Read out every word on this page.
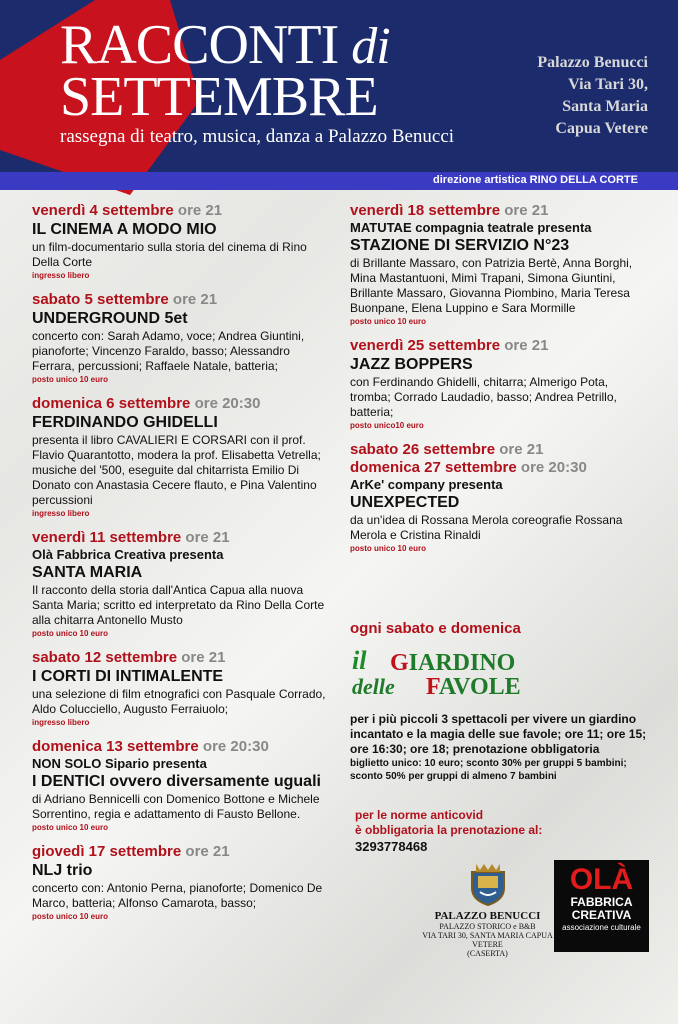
RACCONTI di
SETTEMBRE
rassegna di teatro, musica, danza a Palazzo Benucci
Palazzo Benucci
Via Tari 30,
Santa Maria
Capua Vetere
direzione artistica RINO DELLA CORTE
venerdì 4 settembre ore 21
IL CINEMA A MODO MIO
un film-documentario sulla storia del cinema di Rino Della Corte
ingresso libero
sabato 5 settembre ore 21
UNDERGROUND 5et
concerto con: Sarah Adamo, voce; Andrea Giuntini, pianoforte; Vincenzo Faraldo, basso; Alessandro Ferrara, percussioni; Raffaele Natale, batteria;
posto unico 10 euro
domenica 6 settembre ore 20:30
FERDINANDO GHIDELLI
presenta il libro CAVALIERI E CORSARI con il prof. Flavio Quarantotto, modera la prof. Elisabetta Vetrella; musiche del '500, eseguite dal chitarrista Emilio Di Donato con Anastasia Cecere flauto, e Pina Valentino percussioni
ingresso libero
venerdì 11 settembre ore 21
Olà Fabbrica Creativa presenta
SANTA MARIA
Il racconto della storia dall'Antica Capua alla nuova Santa Maria; scritto ed interpretato da Rino Della Corte alla chitarra Antonello Musto
posto unico 10 euro
sabato 12 settembre ore 21
I CORTI DI INTIMALENTE
una selezione di film etnografici con Pasquale Corrado, Aldo Colucciello, Augusto Ferraiuolo;
ingresso libero
domenica 13 settembre ore 20:30
NON SOLO Sipario presenta
I DENTICI ovvero diversamente uguali
di Adriano Bennicelli con Domenico Bottone e Michele Sorrentino, regia e adattamento di Fausto Bellone.
posto unico 10 euro
giovedì 17 settembre ore 21
NLJ trio
concerto con: Antonio Perna, pianoforte; Domenico De Marco, batteria; Alfonso Camarota, basso;
posto unico 10 euro
venerdì 18 settembre ore 21
MATUTAE compagnia teatrale presenta
STAZIONE DI SERVIZIO N°23
di Brillante Massaro, con Patrizia Bertè, Anna Borghi, Mina Mastantuoni, Mimì Trapani, Simona Giuntini, Brillante Massaro, Giovanna Piombino, Maria Teresa Buonpane, Elena Luppino e Sara Mormille
posto unico 10 euro
venerdì 25 settembre ore 21
JAZZ BOPPERS
con Ferdinando Ghidelli, chitarra; Almerigo Pota, tromba; Corrado Laudadio, basso; Andrea Petrillo, batteria;
posto unico10 euro
sabato 26 settembre ore 21
domenica 27 settembre ore 20:30
ArKe' company presenta
UNEXPECTED
da un'idea di Rossana Merola coreografie Rossana Merola e Cristina Rinaldi
posto unico 10 euro
ogni sabato e domenica
il GIARDINO
delle FAVOLE
per i più piccoli 3 spettacoli per vivere un giardino incantato e la magia delle sue favole; ore 11; ore 15; ore 16:30; ore 18; prenotazione obbligatoria
biglietto unico: 10 euro; sconto 30% per gruppi 5 bambini; sconto 50% per gruppi di almeno 7 bambini
per le norme anticovid
è obbligatoria la prenotazione al:
3293778468
PALAZZO BENUCCI
PALAZZO STORICO e B&B
VIA TARI 30, SANTA MARIA CAPUA VETERE
(CASERTA)
OLÀ
FABBRICA
CREATIVA
associazione culturale
